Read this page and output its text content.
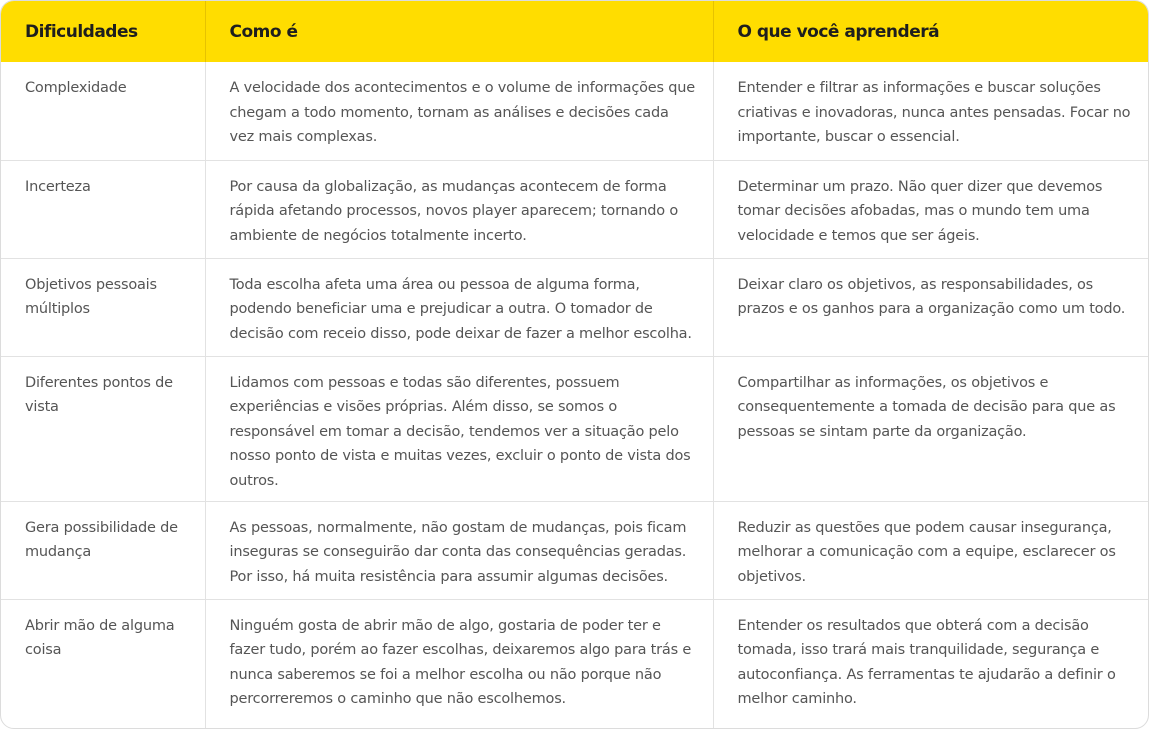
Dificuldades	Como é	O que você aprenderá
Complexidade	A velocidade dos acontecimentos e o volume de informações que chegam a todo momento, tornam as análises e decisões cada vez mais complexas.	Entender e filtrar as informações e buscar soluções criativas e inovadoras, nunca antes pensadas. Focar no importante, buscar o essencial.
Incerteza	Por causa da globalização, as mudanças acontecem de forma rápida afetando processos, novos player aparecem; tornando o ambiente de negócios totalmente incerto.	Determinar um prazo. Não quer dizer que devemos tomar decisões afobadas, mas o mundo tem uma velocidade e temos que ser ágeis.
Objetivos pessoais múltiplos	Toda escolha afeta uma área ou pessoa de alguma forma, podendo beneficiar uma e prejudicar a outra. O tomador de decisão com receio disso, pode deixar de fazer a melhor escolha.	Deixar claro os objetivos, as responsabilidades, os prazos e os ganhos para a organização como um todo.
Diferentes pontos de vista	Lidamos com pessoas e todas são diferentes, possuem experiências e visões próprias. Além disso, se somos o responsável em tomar a decisão, tendemos ver a situação pelo nosso ponto de vista e muitas vezes, excluir o ponto de vista dos outros.	Compartilhar as informações, os objetivos e consequentemente a tomada de decisão para que as pessoas se sintam parte da organização.
Gera possibilidade de mudança	As pessoas, normalmente, não gostam de mudanças, pois ficam inseguras se conseguirão dar conta das consequências geradas. Por isso, há muita resistência para assumir algumas decisões.	Reduzir as questões que podem causar insegurança, melhorar a comunicação com a equipe, esclarecer os objetivos.
Abrir mão de alguma coisa	Ninguém gosta de abrir mão de algo, gostaria de poder ter e fazer tudo, porém ao fazer escolhas, deixaremos algo para trás e nunca saberemos se foi a melhor escolha ou não porque não percorreremos o caminho que não escolhemos.	Entender os resultados que obterá com a decisão tomada, isso trará mais tranquilidade, segurança e autoconfiança. As ferramentas te ajudarão a definir o melhor caminho.
